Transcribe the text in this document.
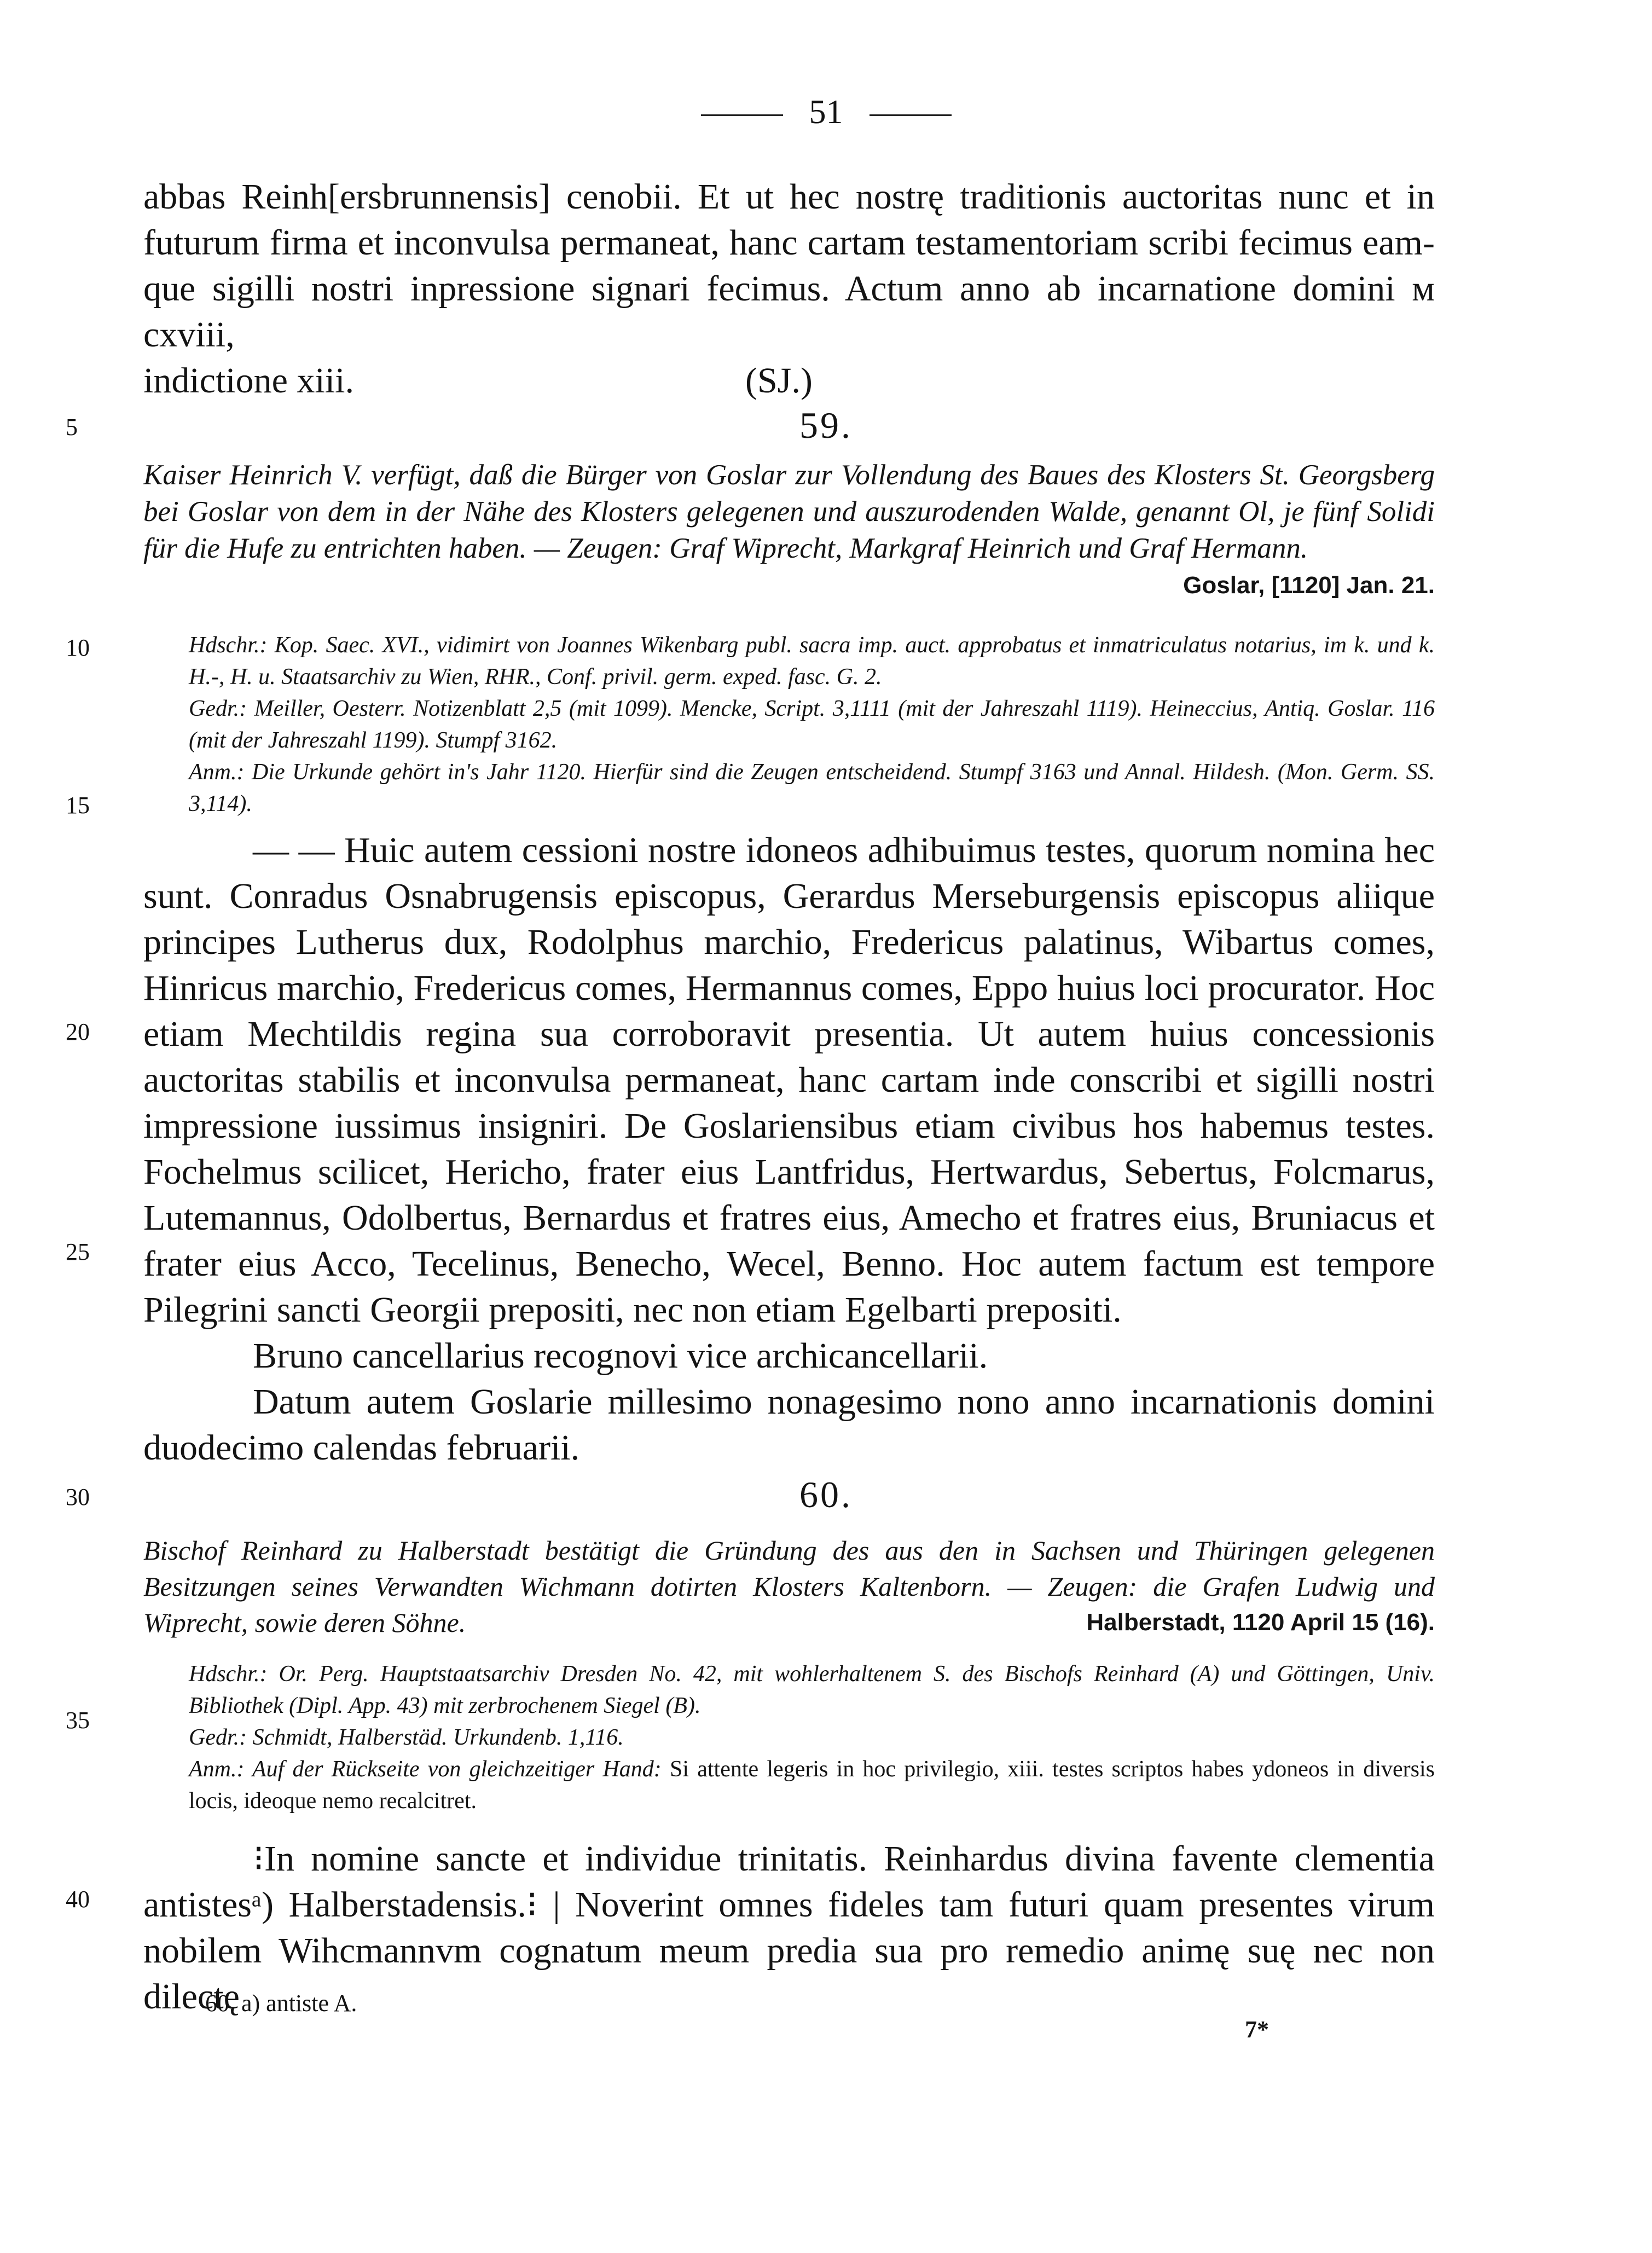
51
abbas Reinh[ersbrunnensis] cenobii. Et ut hec nostrę traditionis auctoritas nunc et in
futurum firma et inconvulsa permaneat, hanc cartam testamentoriam scribi fecimus eam-
que sigilli nostri inpressione signari fecimus. Actum anno ab incarnatione domini м cxviii,
indictione xiii.	(SJ.)
5
10
15
20
25
30
35
40
59.
Kaiser Heinrich V. verfügt, daß die Bürger von Goslar zur Vollendung des Baues des Klosters St. Georgsberg bei Goslar von dem in der Nähe des Klosters gelegenen und auszurodenden Walde, genannt Ol, je fünf Solidi für die Hufe zu entrichten haben. — Zeugen: Graf Wiprecht, Markgraf Heinrich und Graf Hermann.
Goslar, [1120] Jan. 21.
Hdschr.: Kop. Saec. XVI., vidimirt von Joannes Wikenbarg publ. sacra imp. auct. approbatus et inmatriculatus notarius, im k. und k. H.-, H. u. Staatsarchiv zu Wien, RHR., Conf. privil. germ. exped. fasc. G. 2.
Gedr.: Meiller, Oesterr. Notizenblatt 2,5 (mit 1099). Mencke, Script. 3,1111 (mit der Jahreszahl 1119). Heineccius, Antiq. Goslar. 116 (mit der Jahreszahl 1199). Stumpf 3162.
Anm.: Die Urkunde gehört in's Jahr 1120. Hierfür sind die Zeugen entscheidend. Stumpf 3163 und Annal. Hildesh. (Mon. Germ. SS. 3,114).
— — Huic autem cessioni nostre idoneos adhibuimus testes, quorum nomina hec sunt. Conradus Osnabrugensis episcopus, Gerardus Merseburgensis episcopus aliique principes Lutherus dux, Rodolphus marchio, Fredericus palatinus, Wibartus comes, Hinricus marchio, Fredericus comes, Hermannus comes, Eppo huius loci procurator. Hoc etiam Mechtildis regina sua corroboravit presentia. Ut autem huius concessionis auctoritas stabilis et inconvulsa permaneat, hanc cartam inde conscribi et sigilli nostri impressione iussimus insigniri. De Goslariensibus etiam civibus hos habemus testes. Fochelmus scilicet, Hericho, frater eius Lantfridus, Hertwardus, Sebertus, Folcmarus, Lutemannus, Odolbertus, Bernardus et fratres eius, Amecho et fratres eius, Bruniacus et frater eius Acco, Tecelinus, Benecho, Wecel, Benno. Hoc autem factum est tempore Pilegrini sancti Georgii prepositi, nec non etiam Egelbarti prepositi.
Bruno cancellarius recognovi vice archicancellarii.
Datum autem Goslarie millesimo nonagesimo nono anno incarnationis domini duodecimo calendas februarii.
60.
Bischof Reinhard zu Halberstadt bestätigt die Gründung des aus den in Sachsen und Thüringen gelegenen Besitzungen seines Verwandten Wichmann dotirten Klosters Kaltenborn. — Zeugen: die Grafen Ludwig und Wiprecht, sowie deren Söhne.	Halberstadt, 1120 April 15 (16).
Hdschr.: Or. Perg. Hauptstaatsarchiv Dresden No. 42, mit wohlerhaltenem S. des Bischofs Reinhard (A) und Göttingen, Univ. Bibliothek (Dipl. App. 43) mit zerbrochenem Siegel (B).
Gedr.: Schmidt, Halberstäd. Urkundenb. 1,116.
Anm.: Auf der Rückseite von gleichzeitiger Hand: Si attente legeris in hoc privilegio, xiii. testes scriptos habes ydoneos in diversis locis, ideoque nemo recalcitret.
⁝In nomine sancte et individue trinitatis. Reinhardus divina favente clementia antistesᵃ) Halberstadensis.⁝ | Noverint omnes fideles tam futuri quam presentes virum nobilem Wihcmannvm cognatum meum predia sua pro remedio animę suę nec non dilectę
60. a) antiste A.
7*
